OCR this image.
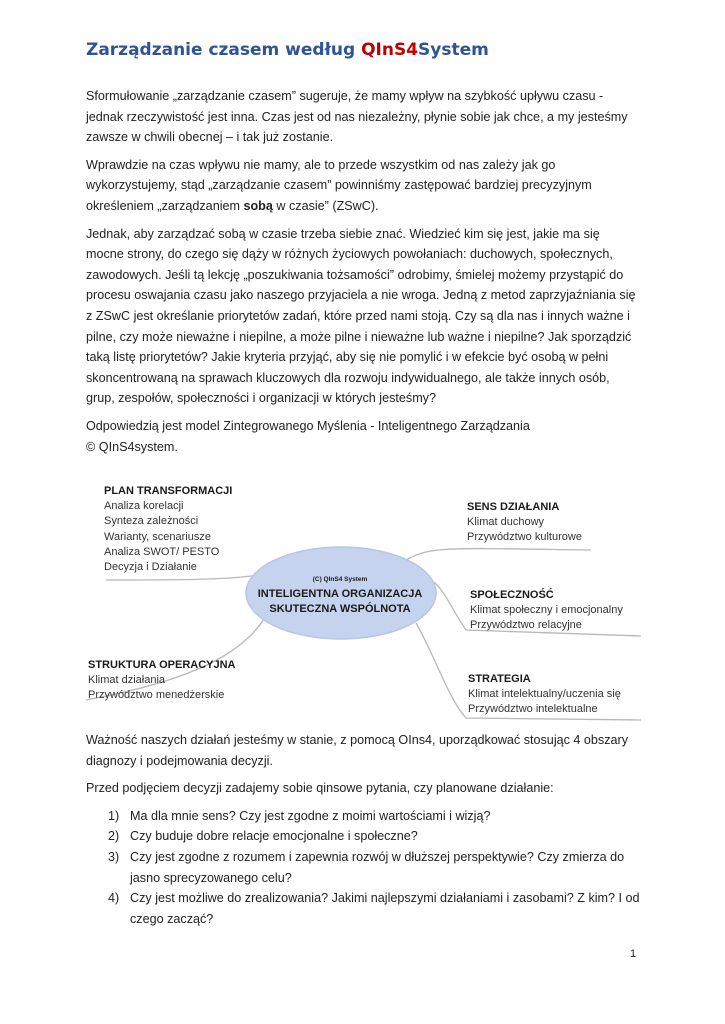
Zarządzanie czasem według QInS4System

Sformułowanie „zarządzanie czasem” sugeruje, że mamy wpływ na szybkość upływu czasu - jednak rzeczywistość jest inna. Czas jest od nas niezależny, płynie sobie jak chce, a my jesteśmy zawsze w chwili obecnej – i tak już zostanie.

Wprawdzie na czas wpływu nie mamy, ale to przede wszystkim od nas zależy jak go wykorzystujemy, stąd „zarządzanie czasem” powinniśmy zastępować bardziej precyzyjnym określeniem „zarządzaniem sobą w czasie” (ZSwC).

Jednak, aby zarządzać sobą w czasie trzeba siebie znać. Wiedzieć kim się jest, jakie ma się mocne strony, do czego się dąży w różnych życiowych powołaniach: duchowych, społecznych, zawodowych. Jeśli tą lekcję „poszukiwania tożsamości” odrobimy, śmielej możemy przystąpić do procesu oswajania czasu jako naszego przyjaciela a nie wroga. Jedną z metod zaprzyjaźniania się z ZSwC jest określanie priorytetów zadań, które przed nami stoją. Czy są dla nas i innych ważne i pilne, czy może nieważne i niepilne, a może pilne i nieważne lub ważne i niepilne? Jak sporządzić taką listę priorytetów? Jakie kryteria przyjąć, aby się nie pomylić i w efekcie być osobą w pełni skoncentrowaną na sprawach kluczowych dla rozwoju indywidualnego, ale także innych osób, grup, zespołów, społeczności i organizacji w których jesteśmy?

Odpowiedzią jest model Zintegrowanego Myślenia - Inteligentnego Zarządzania
© QInS4system.

(C) QInS4 System
INTELIGENTNA ORGANIZACJA
SKUTECZNA WSPÓLNOTA
PLAN TRANSFORMACJI
Analiza korelacji
Synteza zależności
Warianty, scenariusze
Analiza SWOT/ PESTO
Decyzja i Działanie
STRUKTURA OPERACYJNA
Klimat działania
Przywództwo menedżerskie
SENS DZIAŁANIA
Klimat duchowy
Przywództwo kulturowe
SPOŁECZNOŚĆ
Klimat społeczny i emocjonalny
Przywództwo relacyjne
STRATEGIA
Klimat intelektualny/uczenia się
Przywództwo intelektualne

Ważność naszych działań jesteśmy w stanie, z pomocą OIns4, uporządkować stosując 4 obszary diagnozy i podejmowania decyzji.

Przed podjęciem decyzji zadajemy sobie qinsowe pytania, czy planowane działanie:

1) Ma dla mnie sens? Czy jest zgodne z moimi wartościami i wizją?
2) Czy buduje dobre relacje emocjonalne i społeczne?
3) Czy jest zgodne z rozumem i zapewnia rozwój w dłuższej perspektywie? Czy zmierza do jasno sprecyzowanego celu?
4) Czy jest możliwe do zrealizowania? Jakimi najlepszymi działaniami i zasobami? Z kim? I od czego zacząć?
1
